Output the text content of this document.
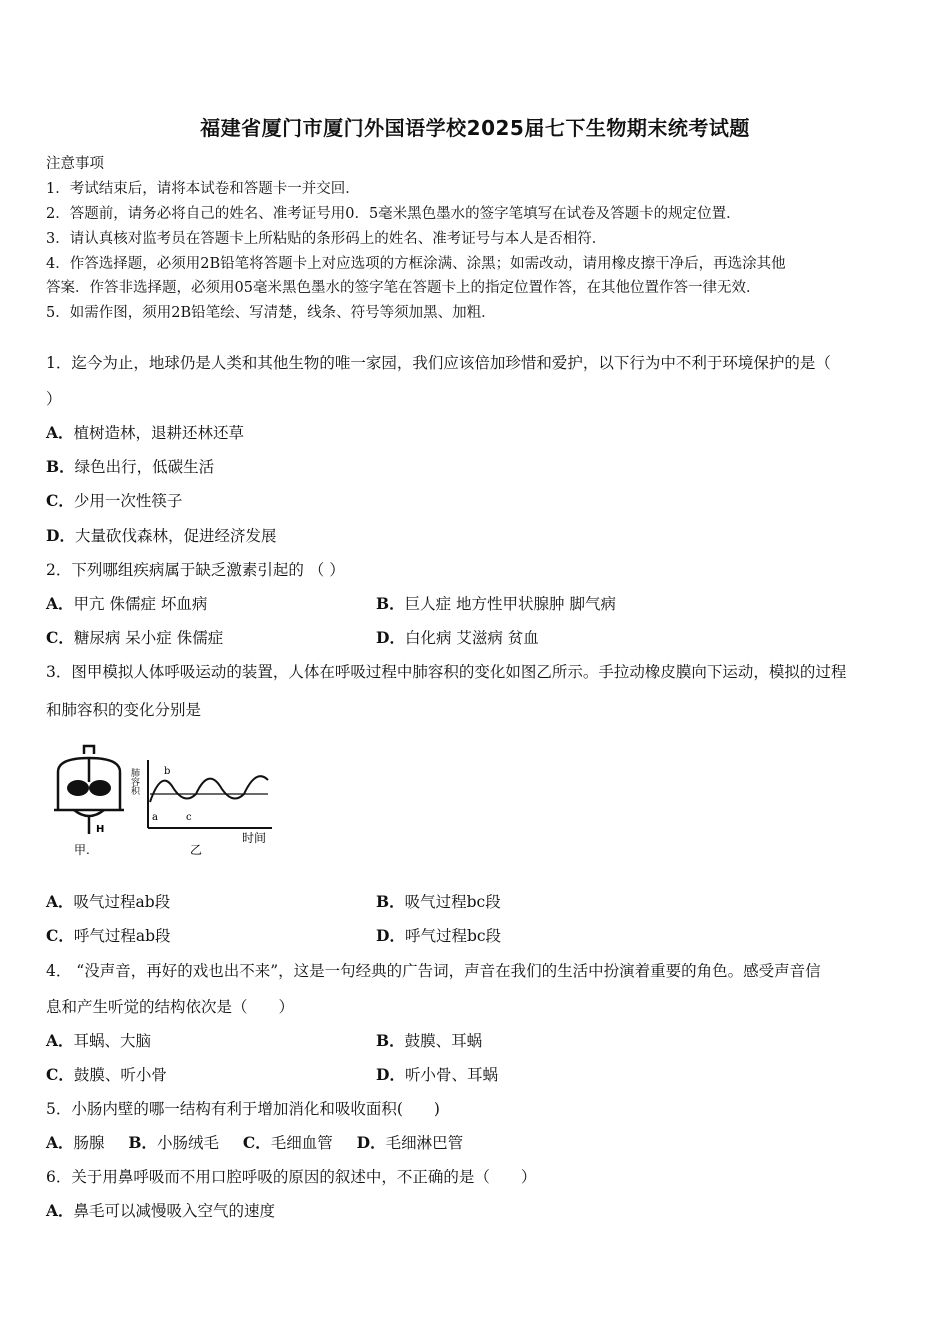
福建省厦门市厦门外国语学校2025届七下生物期末统考试题
注意事项
1．考试结束后，请将本试卷和答题卡一并交回．
2．答题前，请务必将自己的姓名、准考证号用0．5毫米黑色墨水的签字笔填写在试卷及答题卡的规定位置．
3．请认真核对监考员在答题卡上所粘贴的条形码上的姓名、准考证号与本人是否相符．
4．作答选择题，必须用2B铅笔将答题卡上对应选项的方框涂满、涂黑；如需改动，请用橡皮擦干净后，再选涂其他
答案．作答非选择题，必须用05毫米黑色墨水的签字笔在答题卡上的指定位置作答，在其他位置作答一律无效．
5．如需作图，须用2B铅笔绘、写清楚，线条、符号等须加黑、加粗．
1．迄今为止，地球仍是人类和其他生物的唯一家园，我们应该倍加珍惜和爱护，以下行为中不利于环境保护的是（
）
A．植树造林，退耕还林还草
B．绿色出行，低碳生活
C．少用一次性筷子
D．大量砍伐森林，促进经济发展
2．下列哪组疾病属于缺乏激素引起的 （ ）
A．甲亢 侏儒症 坏血病	B．巨人症 地方性甲状腺肿 脚气病
C．糖尿病 呆小症 侏儒症	D．白化病 艾滋病 贫血
3．图甲模拟人体呼吸运动的装置，人体在呼吸过程中肺容积的变化如图乙所示。手拉动橡皮膜向下运动，模拟的过程
和肺容积的变化分别是
H
甲.
肺容积	b
a	c
时间
乙
A．吸气过程ab段	B．吸气过程bc段
C．呼气过程ab段	D．呼气过程bc段
4． “没声音，再好的戏也出不来”，这是一句经典的广告词，声音在我们的生活中扮演着重要的角色。感受声音信
息和产生听觉的结构依次是（　　）
A．耳蜗、大脑	B．鼓膜、耳蜗
C．鼓膜、听小骨	D．听小骨、耳蜗
5．小肠内壁的哪一结构有利于增加消化和吸收面积(　　)
A．肠腺 B．小肠绒毛 C．毛细血管 D．毛细淋巴管
6．关于用鼻呼吸而不用口腔呼吸的原因的叙述中，不正确的是（　　）
A．鼻毛可以减慢吸入空气的速度
